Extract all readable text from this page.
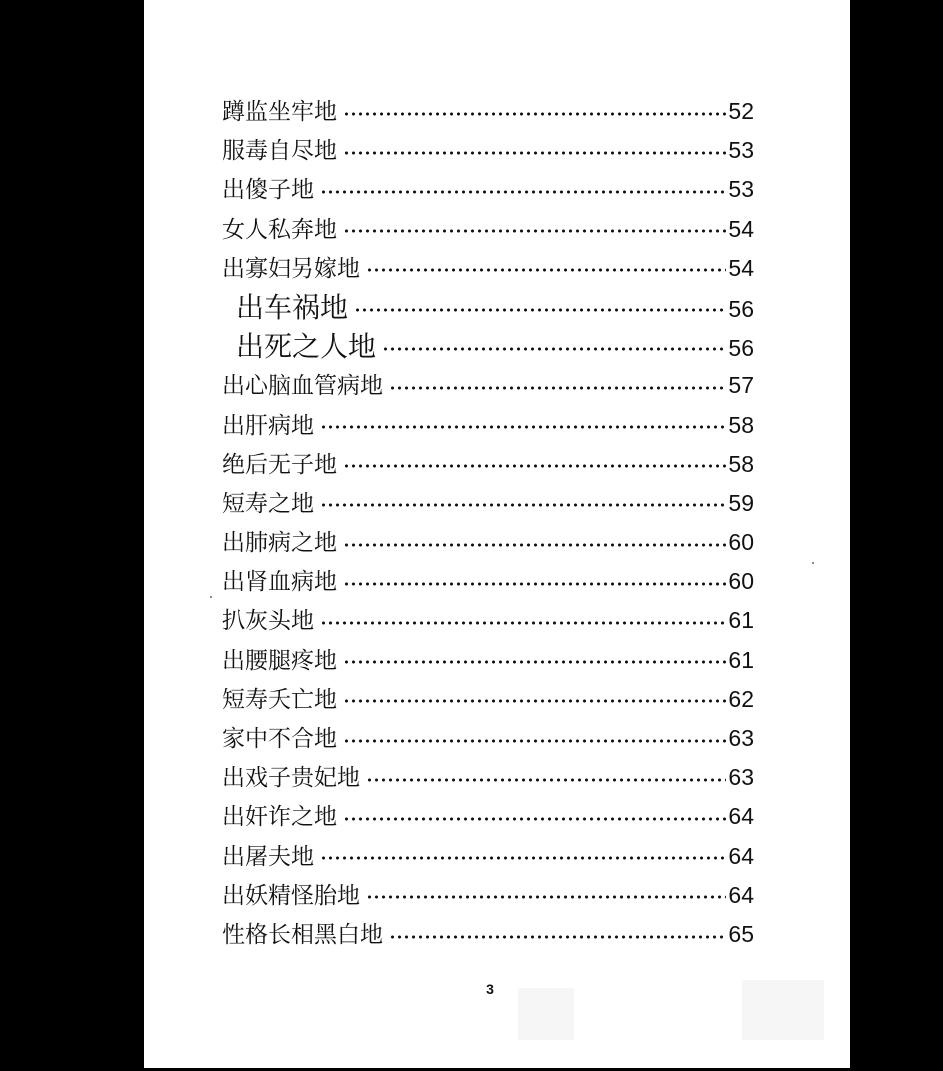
蹲监坐牢地	52
服毒自尽地	53
出傻子地	53
女人私奔地	54
出寡妇另嫁地	54
出车祸地	56
出死之人地	56
出心脑血管病地	57
出肝病地	58
绝后无子地	58
短寿之地	59
出肺病之地	60
出肾血病地	60
扒灰头地	61
出腰腿疼地	61
短寿夭亡地	62
家中不合地	63
出戏子贵妃地	63
出奸诈之地	64
出屠夫地	64
出妖精怪胎地	64
性格长相黑白地	65
3
